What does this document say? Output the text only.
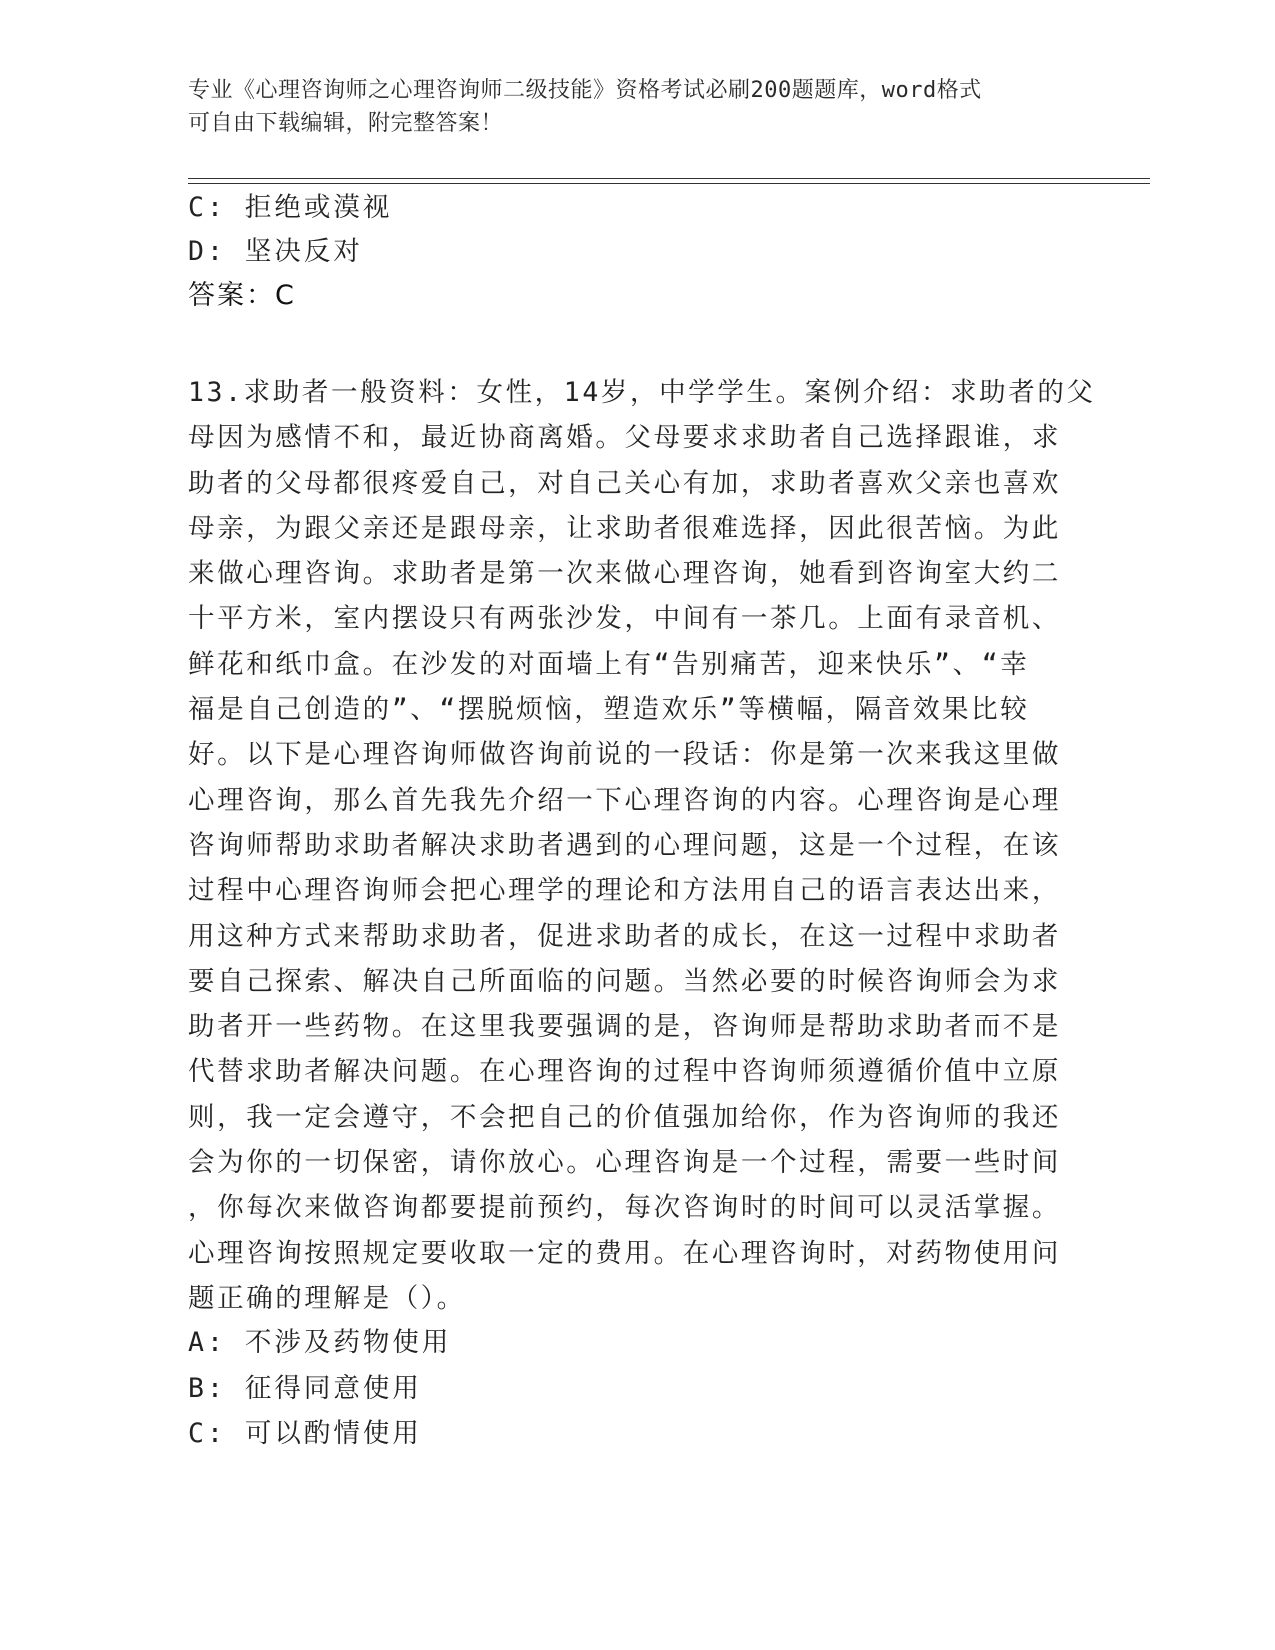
专业《心理咨询师之心理咨询师二级技能》资格考试必刷200题题库，word格式
可自由下载编辑，附完整答案！
C: 拒绝或漠视
D: 坚决反对
答案：C
13.求助者一般资料：女性，14岁，中学学生。案例介绍：求助者的父
母因为感情不和，最近协商离婚。父母要求求助者自己选择跟谁，求
助者的父母都很疼爱自己，对自己关心有加，求助者喜欢父亲也喜欢
母亲，为跟父亲还是跟母亲，让求助者很难选择，因此很苦恼。为此
来做心理咨询。求助者是第一次来做心理咨询，她看到咨询室大约二
十平方米，室内摆设只有两张沙发，中间有一茶几。上面有录音机、
鲜花和纸巾盒。在沙发的对面墙上有“告别痛苦，迎来快乐”、“幸
福是自己创造的”、“摆脱烦恼，塑造欢乐”等横幅，隔音效果比较
好。以下是心理咨询师做咨询前说的一段话：你是第一次来我这里做
心理咨询，那么首先我先介绍一下心理咨询的内容。心理咨询是心理
咨询师帮助求助者解决求助者遇到的心理问题，这是一个过程，在该
过程中心理咨询师会把心理学的理论和方法用自己的语言表达出来，
用这种方式来帮助求助者，促进求助者的成长，在这一过程中求助者
要自己探索、解决自己所面临的问题。当然必要的时候咨询师会为求
助者开一些药物。在这里我要强调的是，咨询师是帮助求助者而不是
代替求助者解决问题。在心理咨询的过程中咨询师须遵循价值中立原
则，我一定会遵守，不会把自己的价值强加给你，作为咨询师的我还
会为你的一切保密，请你放心。心理咨询是一个过程，需要一些时间
，你每次来做咨询都要提前预约，每次咨询时的时间可以灵活掌握。
心理咨询按照规定要收取一定的费用。在心理咨询时，对药物使用问
题正确的理解是（）。
A: 不涉及药物使用
B: 征得同意使用
C: 可以酌情使用
